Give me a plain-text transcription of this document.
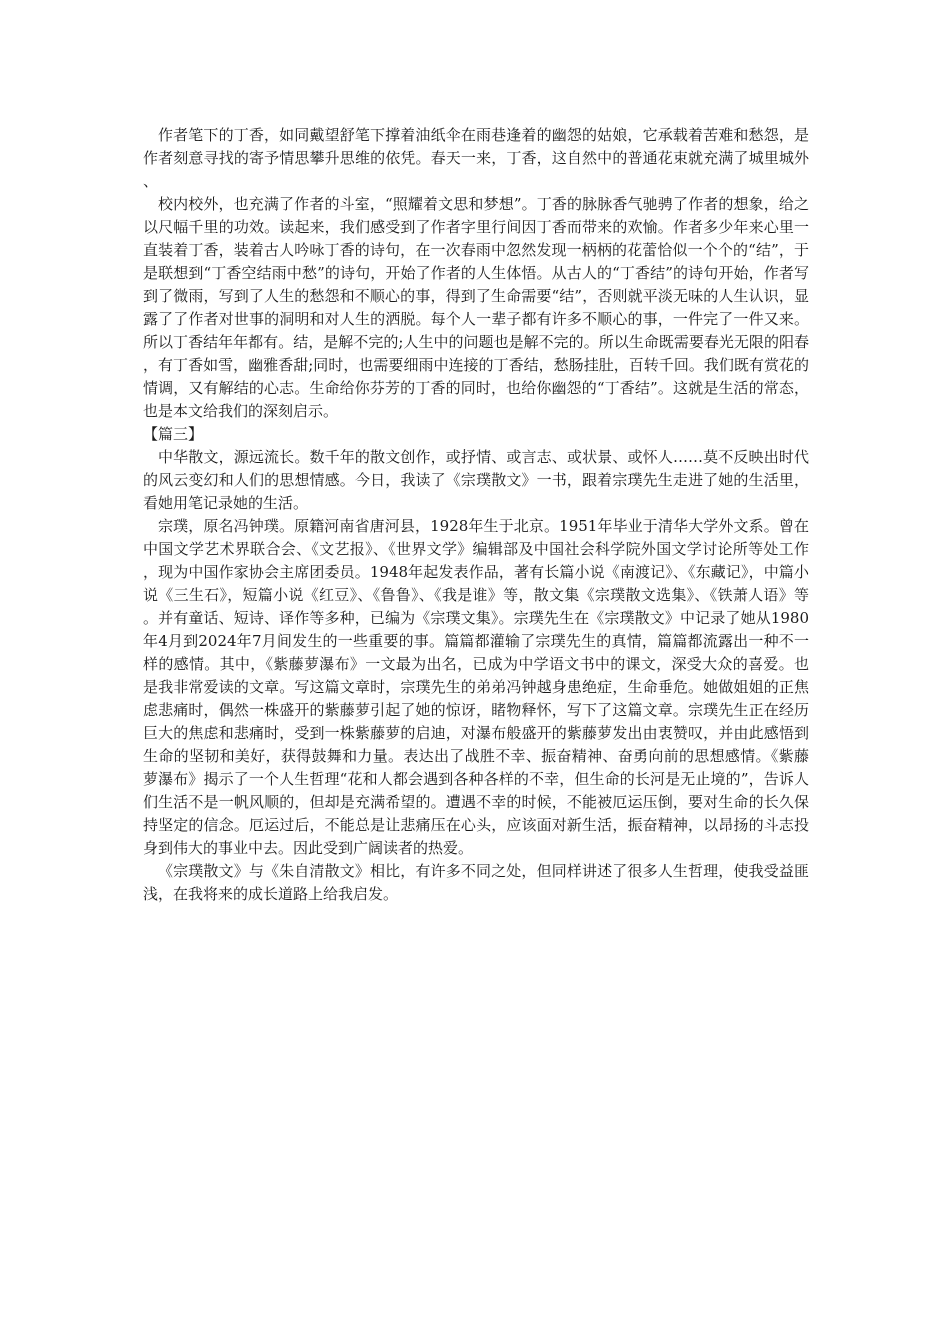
作者笔下的丁香，如同戴望舒笔下撑着油纸伞在雨巷逢着的幽怨的姑娘，它承载着苦难和愁怨，是作者刻意寻找的寄予情思攀升思维的依凭。春天一来，丁香，这自然中的普通花束就充满了城里城外、

校内校外，也充满了作者的斗室，“照耀着文思和梦想”。丁香的脉脉香气驰骋了作者的想象，给之以尺幅千里的功效。读起来，我们感受到了作者字里行间因丁香而带来的欢愉。作者多少年来心里一直装着丁香，装着古人吟咏丁香的诗句，在一次春雨中忽然发现一柄柄的花蕾恰似一个个的“结”，于是联想到“丁香空结雨中愁”的诗句，开始了作者的人生体悟。从古人的“丁香结”的诗句开始，作者写到了微雨，写到了人生的愁怨和不顺心的事，得到了生命需要“结”，否则就平淡无味的人生认识，显露了了作者对世事的洞明和对人生的洒脱。每个人一辈子都有许多不顺心的事，一件完了一件又来。所以丁香结年年都有。结，是解不完的;人生中的问题也是解不完的。所以生命既需要春光无限的阳春，有丁香如雪，幽雅香甜;同时，也需要细雨中连接的丁香结，愁肠挂肚，百转千回。我们既有赏花的情调，又有解结的心志。生命给你芬芳的丁香的同时，也给你幽怨的“丁香结”。这就是生活的常态，也是本文给我们的深刻启示。

【篇三】

中华散文，源远流长。数千年的散文创作，或抒情、或言志、或状景、或怀人……莫不反映出时代的风云变幻和人们的思想情感。今日，我读了《宗璞散文》一书，跟着宗璞先生走进了她的生活里，看她用笔记录她的生活。

宗璞，原名冯钟璞。原籍河南省唐河县，1928年生于北京。1951年毕业于清华大学外文系。曾在中国文学艺术界联合会、《文艺报》、《世界文学》编辑部及中国社会科学院外国文学讨论所等处工作，现为中国作家协会主席团委员。1948年起发表作品，著有长篇小说《南渡记》、《东藏记》，中篇小说《三生石》，短篇小说《红豆》、《鲁鲁》、《我是谁》等，散文集《宗璞散文选集》、《铁萧人语》等。并有童话、短诗、译作等多种，已编为《宗璞文集》。宗璞先生在《宗璞散文》中记录了她从1980年4月到2024年7月间发生的一些重要的事。篇篇都灌输了宗璞先生的真情，篇篇都流露出一种不一样的感情。其中，《紫藤萝瀑布》一文最为出名，已成为中学语文书中的课文，深受大众的喜爱。也是我非常爱读的文章。写这篇文章时，宗璞先生的弟弟冯钟越身患绝症，生命垂危。她做姐姐的正焦虑悲痛时，偶然一株盛开的紫藤萝引起了她的惊讶，睹物释怀，写下了这篇文章。宗璞先生正在经历巨大的焦虑和悲痛时，受到一株紫藤萝的启迪，对瀑布般盛开的紫藤萝发出由衷赞叹，并由此感悟到生命的坚韧和美好，获得鼓舞和力量。表达出了战胜不幸、振奋精神、奋勇向前的思想感情。《紫藤萝瀑布》揭示了一个人生哲理“花和人都会遇到各种各样的不幸，但生命的长河是无止境的”，告诉人们生活不是一帆风顺的，但却是充满希望的。遭遇不幸的时候，不能被厄运压倒，要对生命的长久保持坚定的信念。厄运过后，不能总是让悲痛压在心头，应该面对新生活，振奋精神，以昂扬的斗志投身到伟大的事业中去。因此受到广阔读者的热爱。

《宗璞散文》与《朱自清散文》相比，有许多不同之处，但同样讲述了很多人生哲理，使我受益匪浅，在我将来的成长道路上给我启发。
